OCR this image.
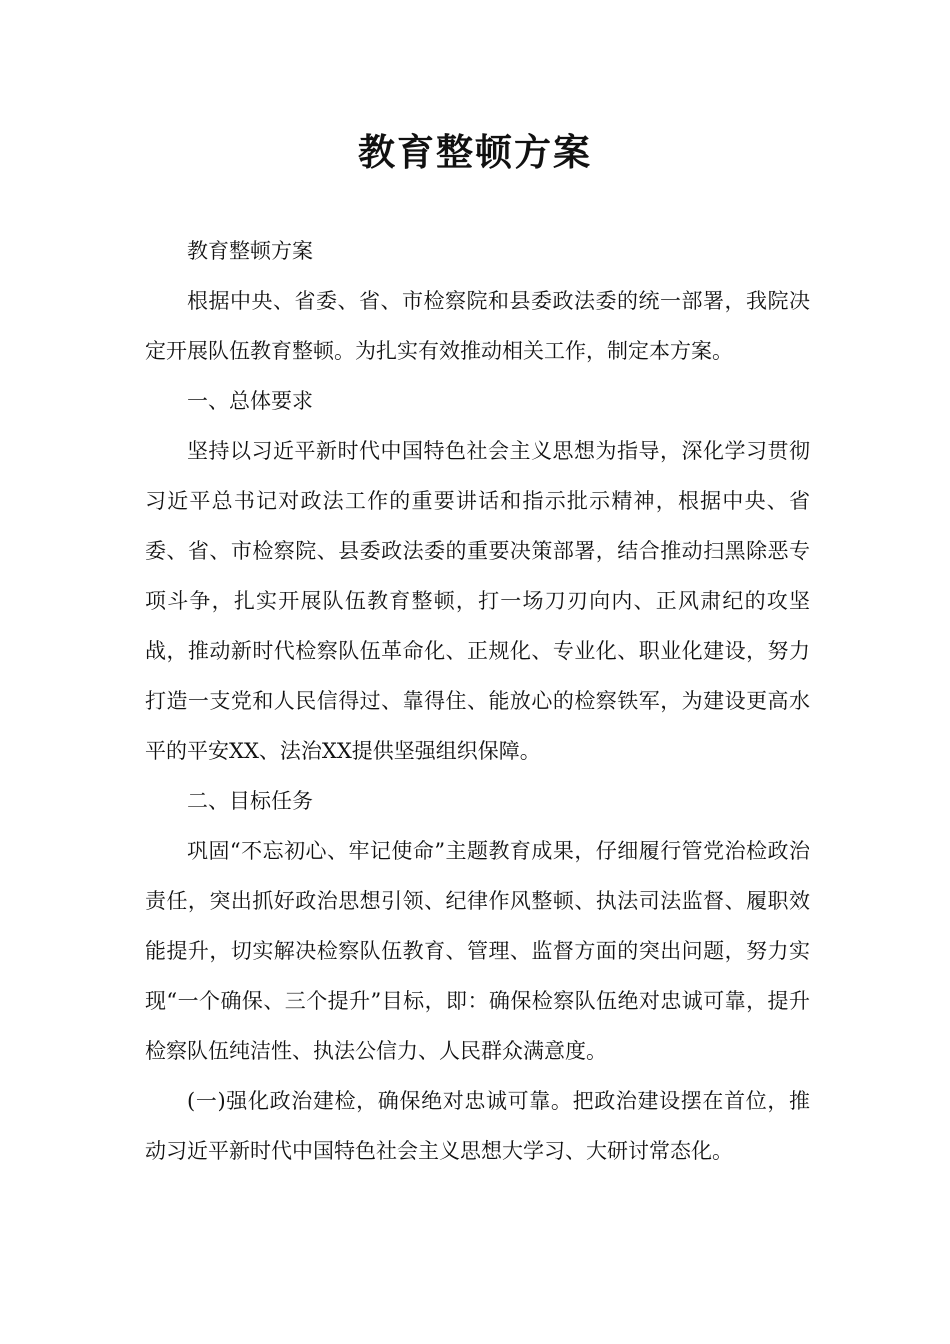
教育整顿方案

教育整顿方案

根据中央、省委、省、市检察院和县委政法委的统一部署，我院决定开展队伍教育整顿。为扎实有效推动相关工作，制定本方案。

一、总体要求

坚持以习近平新时代中国特色社会主义思想为指导，深化学习贯彻习近平总书记对政法工作的重要讲话和指示批示精神，根据中央、省委、省、市检察院、县委政法委的重要决策部署，结合推动扫黑除恶专项斗争，扎实开展队伍教育整顿，打一场刀刃向内、正风肃纪的攻坚战，推动新时代检察队伍革命化、正规化、专业化、职业化建设，努力打造一支党和人民信得过、靠得住、能放心的检察铁军，为建设更高水平的平安XX、法治XX提供坚强组织保障。

二、目标任务

巩固“不忘初心、牢记使命”主题教育成果，仔细履行管党治检政治责任，突出抓好政治思想引领、纪律作风整顿、执法司法监督、履职效能提升，切实解决检察队伍教育、管理、监督方面的突出问题，努力实现“一个确保、三个提升”目标，即：确保检察队伍绝对忠诚可靠，提升检察队伍纯洁性、执法公信力、人民群众满意度。

(一)强化政治建检，确保绝对忠诚可靠。把政治建设摆在首位，推动习近平新时代中国特色社会主义思想大学习、大研讨常态化。
